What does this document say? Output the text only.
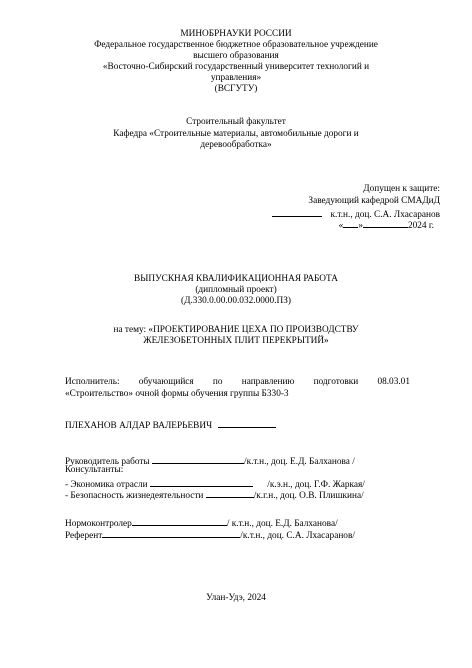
МИНОБРНАУКИ РОССИИ
Федеральное государственное бюджетное образовательное учреждение
высшего образования
«Восточно-Сибирский государственный университет технологий и
управления»
(ВСГУТУ)
Строительный факультет
Кафедра «Строительные материалы, автомобильные дороги и
деревообработка»
Допущен к защите:
Заведующий кафедрой СМАДиД
к.т.н., доц. С.А. Лхасаранов
« »	2024 г.
ВЫПУСКНАЯ КВАЛИФИКАЦИОННАЯ РАБОТА
(дипломный проект)
(Д.330.0.00.00.032.0000.ПЗ)
на тему: «ПРОЕКТИРОВАНИЕ ЦЕХА ПО ПРОИЗВОДСТВУ
ЖЕЛЕЗОБЕТОННЫХ ПЛИТ ПЕРЕКРЫТИЙ»
Исполнитель: обучающийся по направлению подготовки 08.03.01
«Строительство» очной формы обучения группы Б330-3
ПЛЕХАНОВ АЛДАР ВАЛЕРЬЕВИЧ
Руководитель работы	/к.т.н., доц. Е.Д. Балханова /
Консультанты:
- Экономика отрасли	/к.э.н., доц. Г.Ф. Жаркая/
- Безопасность жизнедеятельности	/к.г.н., доц. О.В. Плишкина/
Нормоконтролер	/ к.т.н., доц. Е.Д. Балханова/
Референт	/к.т.н., доц. С.А. Лхасаранов/
Улан-Удэ, 2024
